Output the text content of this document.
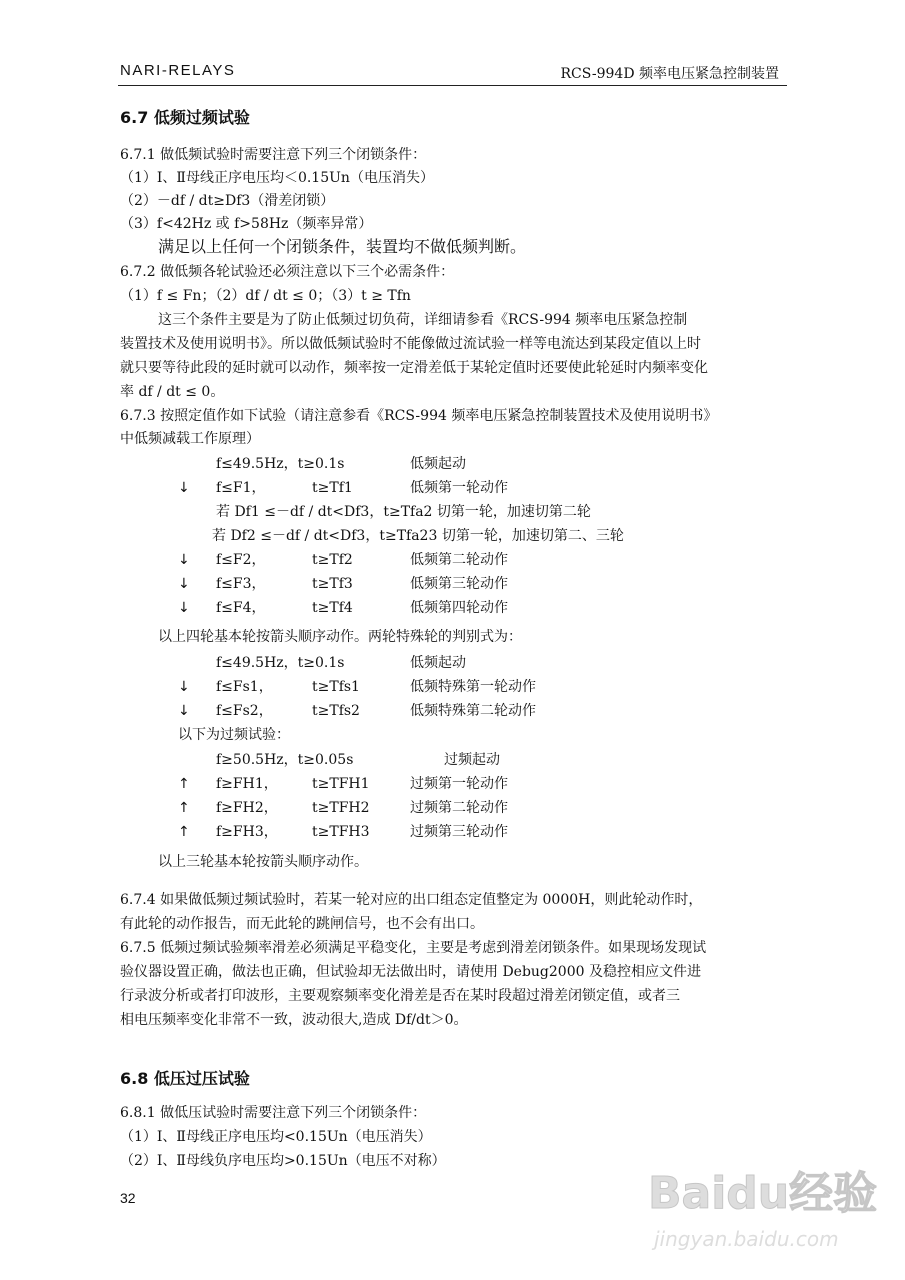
NARI-RELAYS	RCS-994D 频率电压紧急控制装置
6.7 低频过频试验
6.7.1 做低频试验时需要注意下列三个闭锁条件：
（1）Ⅰ、Ⅱ母线正序电压均＜0.15Un（电压消失）
（2）－df / dt≥Df3（滑差闭锁）
（3）f<42Hz 或 f>58Hz（频率异常）
满足以上任何一个闭锁条件，装置均不做低频判断。
6.7.2 做低频各轮试验还必须注意以下三个必需条件：
（1）f ≤ Fn；（2）df / dt ≤ 0；（3）t ≥ Tfn
这三个条件主要是为了防止低频过切负荷，详细请参看《RCS-994 频率电压紧急控制
装置技术及使用说明书》。所以做低频试验时不能像做过流试验一样等电流达到某段定值以上时
就只要等待此段的延时就可以动作，频率按一定滑差低于某轮定值时还要使此轮延时内频率变化
率 df / dt ≤ 0。
6.7.3 按照定值作如下试验（请注意参看《RCS-994 频率电压紧急控制装置技术及使用说明书》
中低频减载工作原理）
f≤49.5Hz，t≥0.1s	低频起动
↓ f≤F1，	t≥Tf1	低频第一轮动作
若 Df1 ≤－df / dt<Df3，t≥Tfa2 切第一轮，加速切第二轮
若 Df2 ≤－df / dt<Df3，t≥Tfa23 切第一轮，加速切第二、三轮
↓ f≤F2，	t≥Tf2	低频第二轮动作
↓ f≤F3，	t≥Tf3	低频第三轮动作
↓ f≤F4，	t≥Tf4	低频第四轮动作
以上四轮基本轮按箭头顺序动作。两轮特殊轮的判别式为：
f≤49.5Hz，t≥0.1s	低频起动
↓ f≤Fs1，	t≥Tfs1	低频特殊第一轮动作
↓ f≤Fs2，	t≥Tfs2	低频特殊第二轮动作
以下为过频试验：
f≥50.5Hz，t≥0.05s	过频起动
↑ f≥FH1， t≥TFH1	过频第一轮动作
↑ f≥FH2， t≥TFH2	过频第二轮动作
↑ f≥FH3， t≥TFH3	过频第三轮动作
以上三轮基本轮按箭头顺序动作。
6.7.4 如果做低频过频试验时，若某一轮对应的出口组态定值整定为 0000H，则此轮动作时，
有此轮的动作报告，而无此轮的跳闸信号，也不会有出口。
6.7.5 低频过频试验频率滑差必须满足平稳变化，主要是考虑到滑差闭锁条件。如果现场发现试
验仪器设置正确，做法也正确，但试验却无法做出时，请使用 Debug2000 及稳控相应文件进
行录波分析或者打印波形，主要观察频率变化滑差是否在某时段超过滑差闭锁定值，或者三
相电压频率变化非常不一致，波动很大,造成 Df/dt＞0。
6.8 低压过压试验
6.8.1 做低压试验时需要注意下列三个闭锁条件：
（1）Ⅰ、Ⅱ母线正序电压均<0.15Un（电压消失）
（2）Ⅰ、Ⅱ母线负序电压均>0.15Un（电压不对称）
32	Baidu经验
jingyan.baidu.com
